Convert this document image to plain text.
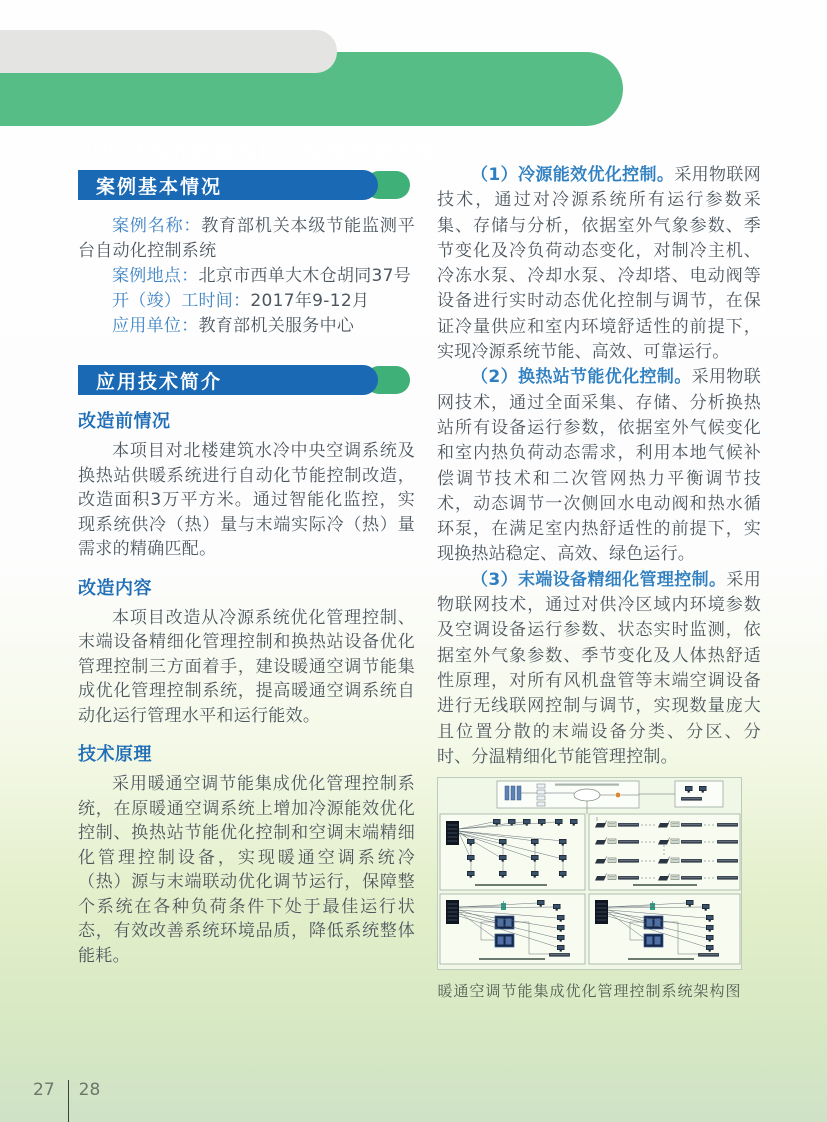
中央空调节能集成优化管理控制系统
案例基本情况

案例名称：教育部机关本级节能监测平台自动化控制系统

案例地点：北京市西单大木仓胡同37号

开（竣）工时间：2017年9-12月

应用单位：教育部机关服务中心

应用技术简介
改造前情况

本项目对北楼建筑水冷中央空调系统及换热站供暖系统进行自动化节能控制改造，改造面积3万平方米。通过智能化监控，实现系统供冷（热）量与末端实际冷（热）量需求的精确匹配。

改造内容

本项目改造从冷源系统优化管理控制、末端设备精细化管理控制和换热站设备优化管理控制三方面着手，建设暖通空调节能集成优化管理控制系统，提高暖通空调系统自动化运行管理水平和运行能效。

技术原理

采用暖通空调节能集成优化管理控制系统，在原暖通空调系统上增加冷源能效优化控制、换热站节能优化控制和空调末端精细化管理控制设备，实现暖通空调系统冷（热）源与末端联动优化调节运行，保障整个系统在各种负荷条件下处于最佳运行状态，有效改善系统环境品质，降低系统整体能耗。

（1）冷源能效优化控制。采用物联网技术，通过对冷源系统所有运行参数采集、存储与分析，依据室外气象参数、季节变化及冷负荷动态变化，对制冷主机、冷冻水泵、冷却水泵、冷却塔、电动阀等设备进行实时动态优化控制与调节，在保证冷量供应和室内环境舒适性的前提下，实现冷源系统节能、高效、可靠运行。

（2）换热站节能优化控制。采用物联网技术，通过全面采集、存储、分析换热站所有设备运行参数，依据室外气候变化和室内热负荷动态需求，利用本地气候补偿调节技术和二次管网热力平衡调节技术，动态调节一次侧回水电动阀和热水循环泵，在满足室内热舒适性的前提下，实现换热站稳定、高效、绿色运行。

（3）末端设备精细化管理控制。采用物联网技术，通过对供冷区域内环境参数及空调设备运行参数、状态实时监测，依据室外气象参数、季节变化及人体热舒适性原理，对所有风机盘管等末端空调设备进行无线联网控制与调节，实现数量庞大且位置分散的末端设备分类、分区、分时、分温精细化节能管理控制。

暖通空调节能集成优化管理控制系统架构图
27 28
